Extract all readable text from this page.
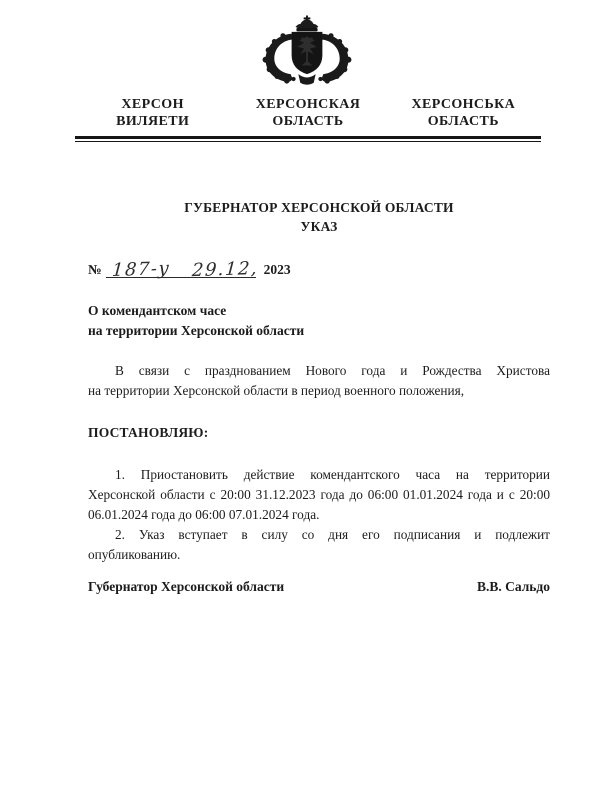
ХЕРСОН
ВИЛЯЕТИ
ХЕРСОНСКАЯ
ОБЛАСТЬ
ХЕРСОНСЬКА
ОБЛАСТЬ
ГУБЕРНАТОР ХЕРСОНСКОЙ ОБЛАСТИ
УКАЗ
№ 187-у 29.12, 2023
О комендантском часе
на территории Херсонской области
В связи с празднованием Нового года и Рождества Христова
на территории Херсонской области в период военного положения,
ПОСТАНОВЛЯЮ:
1. Приостановить действие комендантского часа на территории
Херсонской области с 20:00 31.12.2023 года до 06:00 01.01.2024 года и с 20:00
06.01.2024 года до 06:00 07.01.2024 года.
2. Указ вступает в силу со дня его подписания и подлежит
опубликованию.
Губернатор Херсонской области	В.В. Сальдо
